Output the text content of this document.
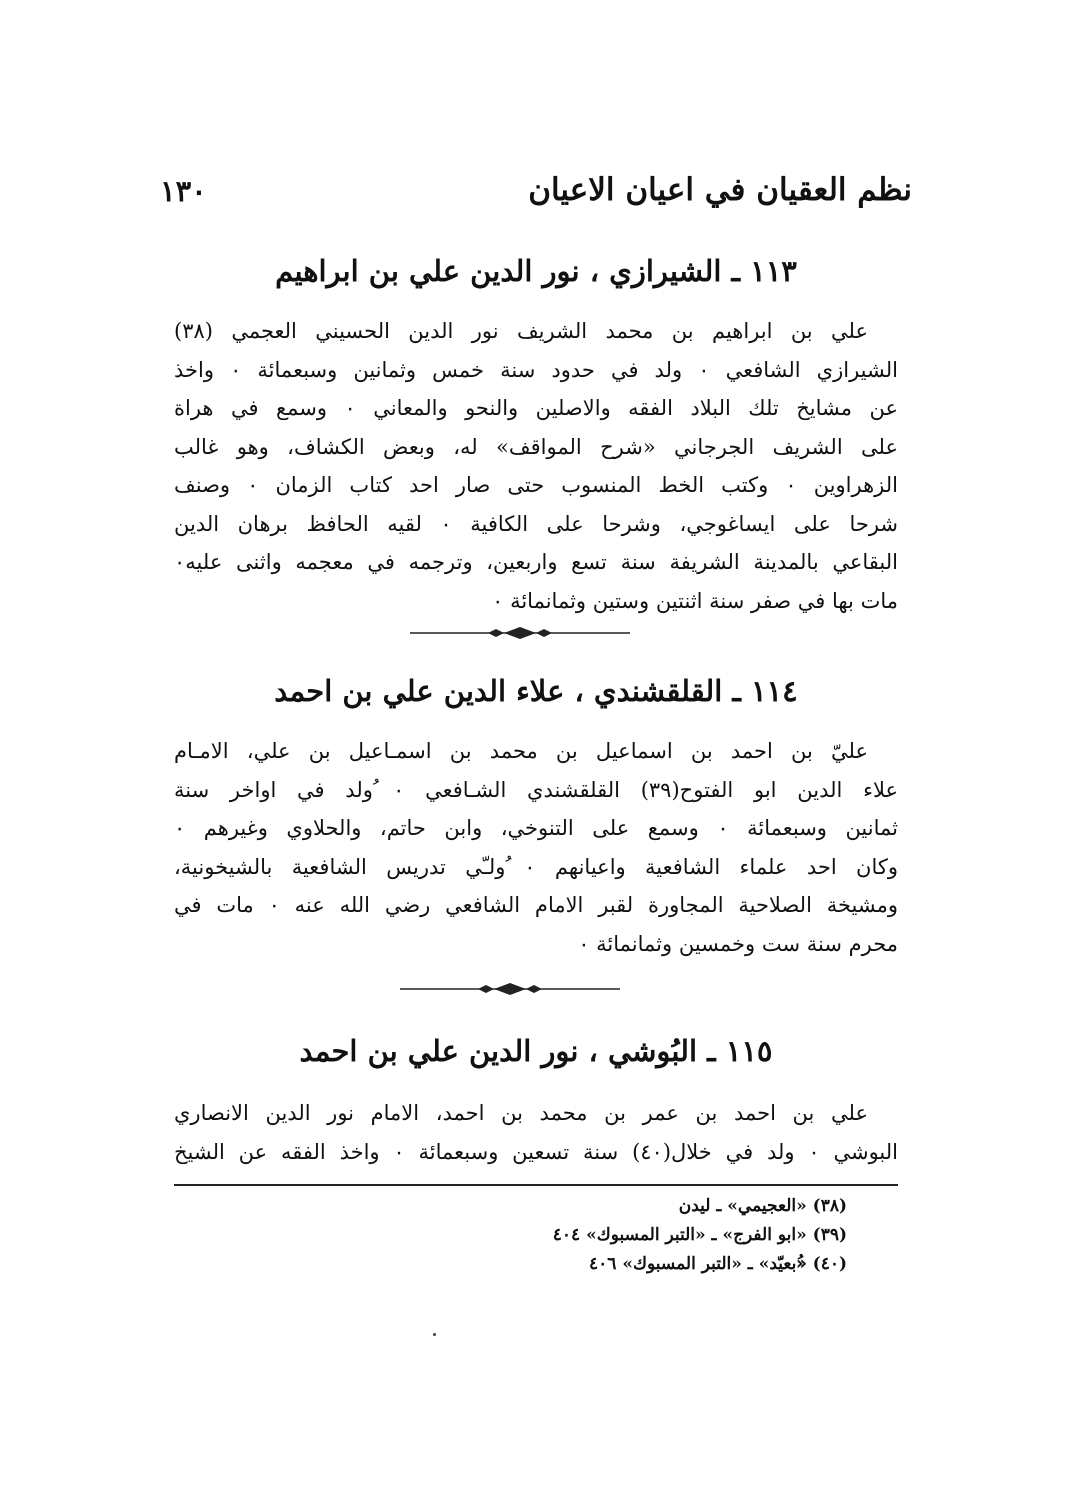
نظم العقيان في اعيان الاعيان
١٣٠
١١٣ ـ الشيرازي ، نور الدين علي بن ابراهيم
علي بن ابراهيم بن محمد الشريف نور الدين الحسيني العجمي (٣٨)
الشيرازي الشافعي ٠ ولد في حدود سنة خمس وثمانين وسبعمائة ٠ واخذ
عن مشايخ تلك البلاد الفقه والاصلين والنحو والمعاني ٠ وسمع في هراة
على الشريف الجرجاني «شرح المواقف» له، وبعض الكشاف، وهو غالب
الزهراوين ٠ وكتب الخط المنسوب حتى صار احد كتاب الزمان ٠ وصنف
شرحا على ايساغوجي، وشرحا على الكافية ٠ لقيه الحافظ برهان الدين
البقاعي بالمدينة الشريفة سنة تسع واربعين، وترجمه في معجمه واثنى عليه٠
مات بها في صفر سنة اثنتين وستين وثمانمائة ٠
١١٤ ـ القلقشندي ، علاء الدين علي بن احمد
عليّ بن احمد بن اسماعيل بن محمد بن اسمـاعيل بن علي، الامـام
علاء الدين ابو الفتوح(٣٩) القلقشندي الشـافعي ٠ ُولد في اواخر سنة
ثمانين وسبعمائة ٠ وسمع على التنوخي، وابن حاتم، والحلاوي وغيرهم ٠
وكان احد علماء الشافعية واعيانهم ٠ ُولـّي تدريس الشافعية بالشيخونية،
ومشيخة الصلاحية المجاورة لقبر الامام الشافعي رضي الله عنه ٠ مات في
محرم سنة ست وخمسين وثمانمائة ٠
١١٥ ـ البُوشي ، نور الدين علي بن احمد
علي بن احمد بن عمر بن محمد بن احمد، الامام نور الدين الانصاري
البوشي ٠ ولد في خلال(٤٠) سنة تسعين وسبعمائة ٠ واخذ الفقه عن الشيخ
(٣٨) «العجيمي» ـ ليدن
(٣٩) «ابو الفرج» ـ «التبر المسبوك» ٤٠٤
(٤٠) «ُبعيّد» ـ «التبر المسبوك» ٤٠٦
